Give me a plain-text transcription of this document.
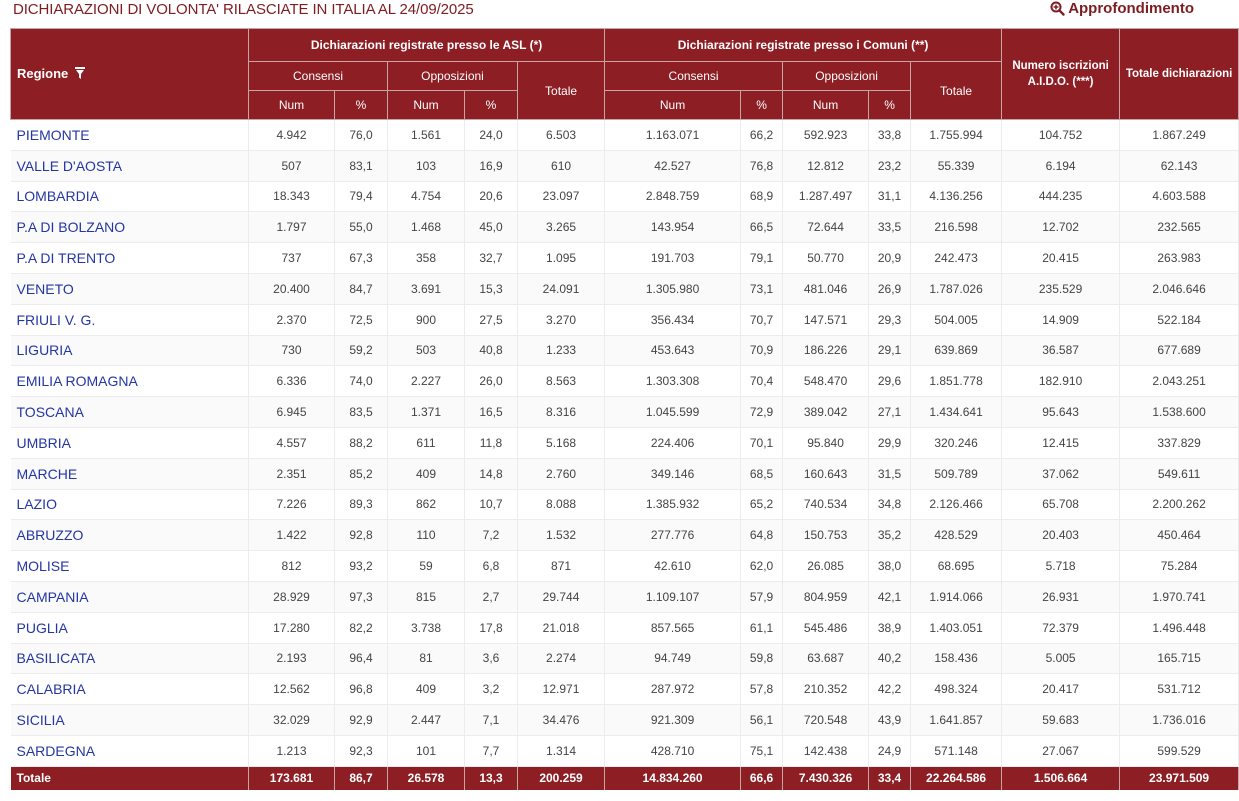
DICHIARAZIONI DI VOLONTA' RILASCIATE IN ITALIA AL 24/09/2025	Approfondimento
Regione	Dichiarazioni registrate presso le ASL (*)					Dichiarazioni registrate presso i Comuni (**)					Numero iscrizioni A.I.D.O. (***)	Totale dichiarazioni
	Consensi		Opposizioni		Totale	Consensi		Opposizioni		Totale		
	Num	%	Num	%		Num	%	Num	%			
PIEMONTE	4.942	76,0	1.561	24,0	6.503	1.163.071	66,2	592.923	33,8	1.755.994	104.752	1.867.249
VALLE D'AOSTA	507	83,1	103	16,9	610	42.527	76,8	12.812	23,2	55.339	6.194	62.143
LOMBARDIA	18.343	79,4	4.754	20,6	23.097	2.848.759	68,9	1.287.497	31,1	4.136.256	444.235	4.603.588
P.A DI BOLZANO	1.797	55,0	1.468	45,0	3.265	143.954	66,5	72.644	33,5	216.598	12.702	232.565
P.A DI TRENTO	737	67,3	358	32,7	1.095	191.703	79,1	50.770	20,9	242.473	20.415	263.983
VENETO	20.400	84,7	3.691	15,3	24.091	1.305.980	73,1	481.046	26,9	1.787.026	235.529	2.046.646
FRIULI V. G.	2.370	72,5	900	27,5	3.270	356.434	70,7	147.571	29,3	504.005	14.909	522.184
LIGURIA	730	59,2	503	40,8	1.233	453.643	70,9	186.226	29,1	639.869	36.587	677.689
EMILIA ROMAGNA	6.336	74,0	2.227	26,0	8.563	1.303.308	70,4	548.470	29,6	1.851.778	182.910	2.043.251
TOSCANA	6.945	83,5	1.371	16,5	8.316	1.045.599	72,9	389.042	27,1	1.434.641	95.643	1.538.600
UMBRIA	4.557	88,2	611	11,8	5.168	224.406	70,1	95.840	29,9	320.246	12.415	337.829
MARCHE	2.351	85,2	409	14,8	2.760	349.146	68,5	160.643	31,5	509.789	37.062	549.611
LAZIO	7.226	89,3	862	10,7	8.088	1.385.932	65,2	740.534	34,8	2.126.466	65.708	2.200.262
ABRUZZO	1.422	92,8	110	7,2	1.532	277.776	64,8	150.753	35,2	428.529	20.403	450.464
MOLISE	812	93,2	59	6,8	871	42.610	62,0	26.085	38,0	68.695	5.718	75.284
CAMPANIA	28.929	97,3	815	2,7	29.744	1.109.107	57,9	804.959	42,1	1.914.066	26.931	1.970.741
PUGLIA	17.280	82,2	3.738	17,8	21.018	857.565	61,1	545.486	38,9	1.403.051	72.379	1.496.448
BASILICATA	2.193	96,4	81	3,6	2.274	94.749	59,8	63.687	40,2	158.436	5.005	165.715
CALABRIA	12.562	96,8	409	3,2	12.971	287.972	57,8	210.352	42,2	498.324	20.417	531.712
SICILIA	32.029	92,9	2.447	7,1	34.476	921.309	56,1	720.548	43,9	1.641.857	59.683	1.736.016
SARDEGNA	1.213	92,3	101	7,7	1.314	428.710	75,1	142.438	24,9	571.148	27.067	599.529
Totale	173.681	86,7	26.578	13,3	200.259	14.834.260	66,6	7.430.326	33,4	22.264.586	1.506.664	23.971.509
